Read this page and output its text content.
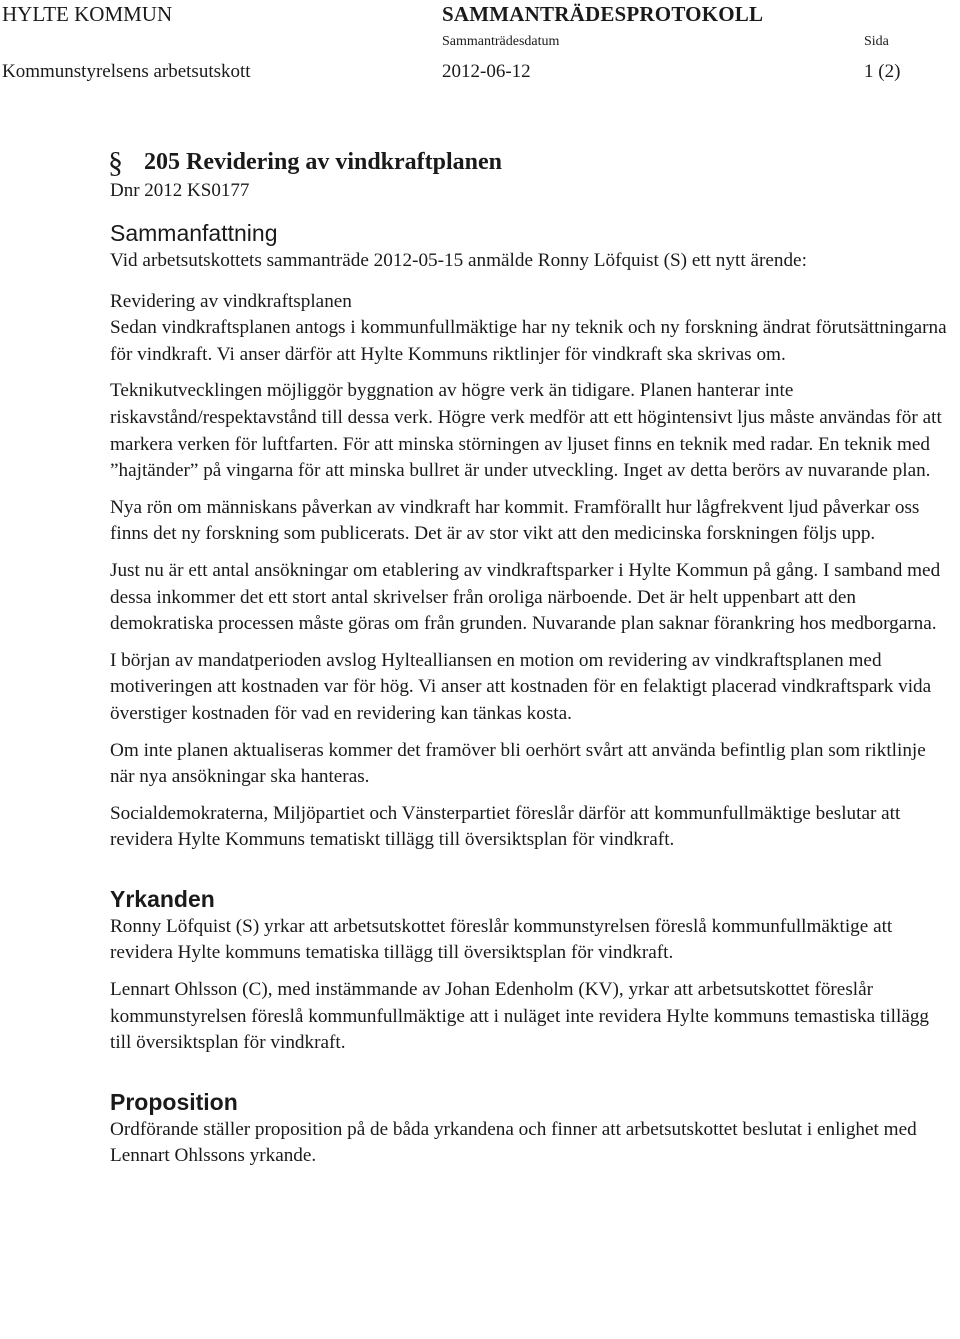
HYLTE KOMMUN	SAMMANTRÄDESPROTOKOLL
Sammanträdesdatum	Sida
Kommunstyrelsens arbetsutskott	2012-06-12	1 (2)
§ 205 Revidering av vindkraftplanen

Dnr 2012 KS0177

Sammanfattning

Vid arbetsutskottets sammanträde 2012-05-15 anmälde Ronny Löfquist (S) ett nytt ärende:

Revidering av vindkraftsplanen

Sedan vindkraftsplanen antogs i kommunfullmäktige har ny teknik och ny forskning ändrat förutsättningarna för vindkraft. Vi anser därför att Hylte Kommuns riktlinjer för vindkraft ska skrivas om.

Teknikutvecklingen möjliggör byggnation av högre verk än tidigare. Planen hanterar inte riskavstånd/respektavstånd till dessa verk. Högre verk medför att ett högintensivt ljus måste användas för att markera verken för luftfarten. För att minska störningen av ljuset finns en teknik med radar. En teknik med ”hajtänder” på vingarna för att minska bullret är under utveckling. Inget av detta berörs av nuvarande plan.

Nya rön om människans påverkan av vindkraft har kommit. Framförallt hur lågfrekvent ljud påverkar oss finns det ny forskning som publicerats. Det är av stor vikt att den medicinska forskningen följs upp.

Just nu är ett antal ansökningar om etablering av vindkraftsparker i Hylte Kommun på gång. I samband med dessa inkommer det ett stort antal skrivelser från oroliga närboende. Det är helt uppenbart att den demokratiska processen måste göras om från grunden. Nuvarande plan saknar förankring hos medborgarna.

I början av mandatperioden avslog Hyltealliansen en motion om revidering av vindkraftsplanen med motiveringen att kostnaden var för hög. Vi anser att kostnaden för en felaktigt placerad vindkraftspark vida överstiger kostnaden för vad en revidering kan tänkas kosta.

Om inte planen aktualiseras kommer det framöver bli oerhört svårt att använda befintlig plan som riktlinje när nya ansökningar ska hanteras.

Socialdemokraterna, Miljöpartiet och Vänsterpartiet föreslår därför att kommunfullmäktige beslutar att revidera Hylte Kommuns tematiskt tillägg till översiktsplan för vindkraft.

Yrkanden

Ronny Löfquist (S) yrkar att arbetsutskottet föreslår kommunstyrelsen föreslå kommunfullmäktige att revidera Hylte kommuns tematiska tillägg till översiktsplan för vindkraft.

Lennart Ohlsson (C), med instämmande av Johan Edenholm (KV), yrkar att arbetsutskottet föreslår kommunstyrelsen föreslå kommunfullmäktige att i nuläget inte revidera Hylte kommuns temastiska tillägg till översiktsplan för vindkraft.

Proposition

Ordförande ställer proposition på de båda yrkandena och finner att arbetsutskottet beslutat i enlighet med Lennart Ohlssons yrkande.
